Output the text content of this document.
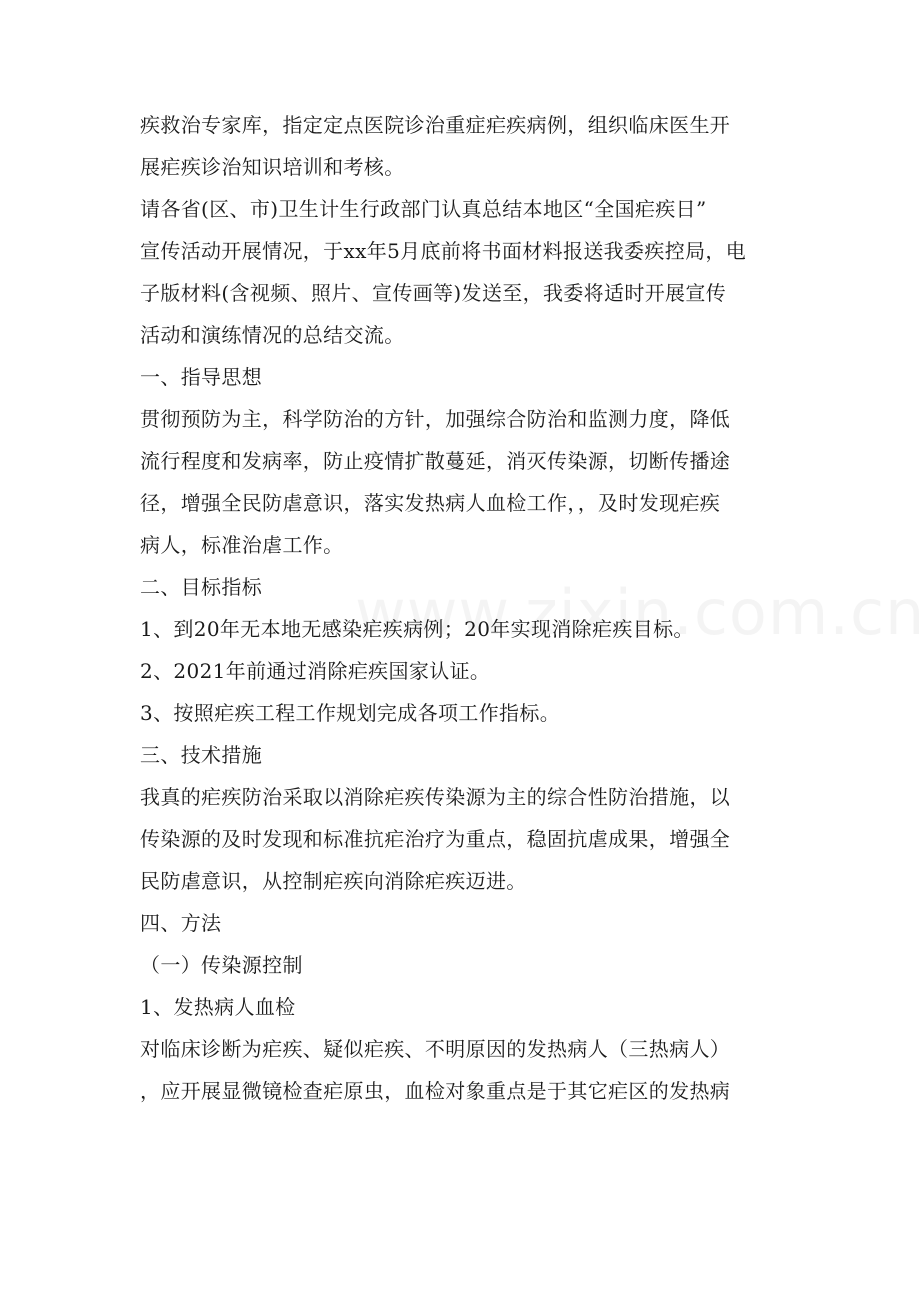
疾救治专家库，指定定点医院诊治重症疟疾病例，组织临床医生开
展疟疾诊治知识培训和考核。
请各省(区、市)卫生计生行政部门认真总结本地区“全国疟疾日”
宣传活动开展情况，于xx年5月底前将书面材料报送我委疾控局，电
子版材料(含视频、照片、宣传画等)发送至，我委将适时开展宣传
活动和演练情况的总结交流。
一、指导思想
贯彻预防为主，科学防治的方针，加强综合防治和监测力度，降低
流行程度和发病率，防止疫情扩散蔓延，消灭传染源，切断传播途
径，增强全民防虐意识，落实发热病人血检工作，，及时发现疟疾
病人，标准治虐工作。
二、目标指标
1、到20年无本地无感染疟疾病例；20年实现消除疟疾目标。
2、2021年前通过消除疟疾国家认证。
3、按照疟疾工程工作规划完成各项工作指标。
三、技术措施
我真的疟疾防治采取以消除疟疾传染源为主的综合性防治措施，以
传染源的及时发现和标准抗疟治疗为重点，稳固抗虐成果，增强全
民防虐意识，从控制疟疾向消除疟疾迈进。
四、方法
（一）传染源控制
1、发热病人血检
对临床诊断为疟疾、疑似疟疾、不明原因的发热病人（三热病人）
，应开展显微镜检查疟原虫，血检对象重点是于其它疟区的发热病
